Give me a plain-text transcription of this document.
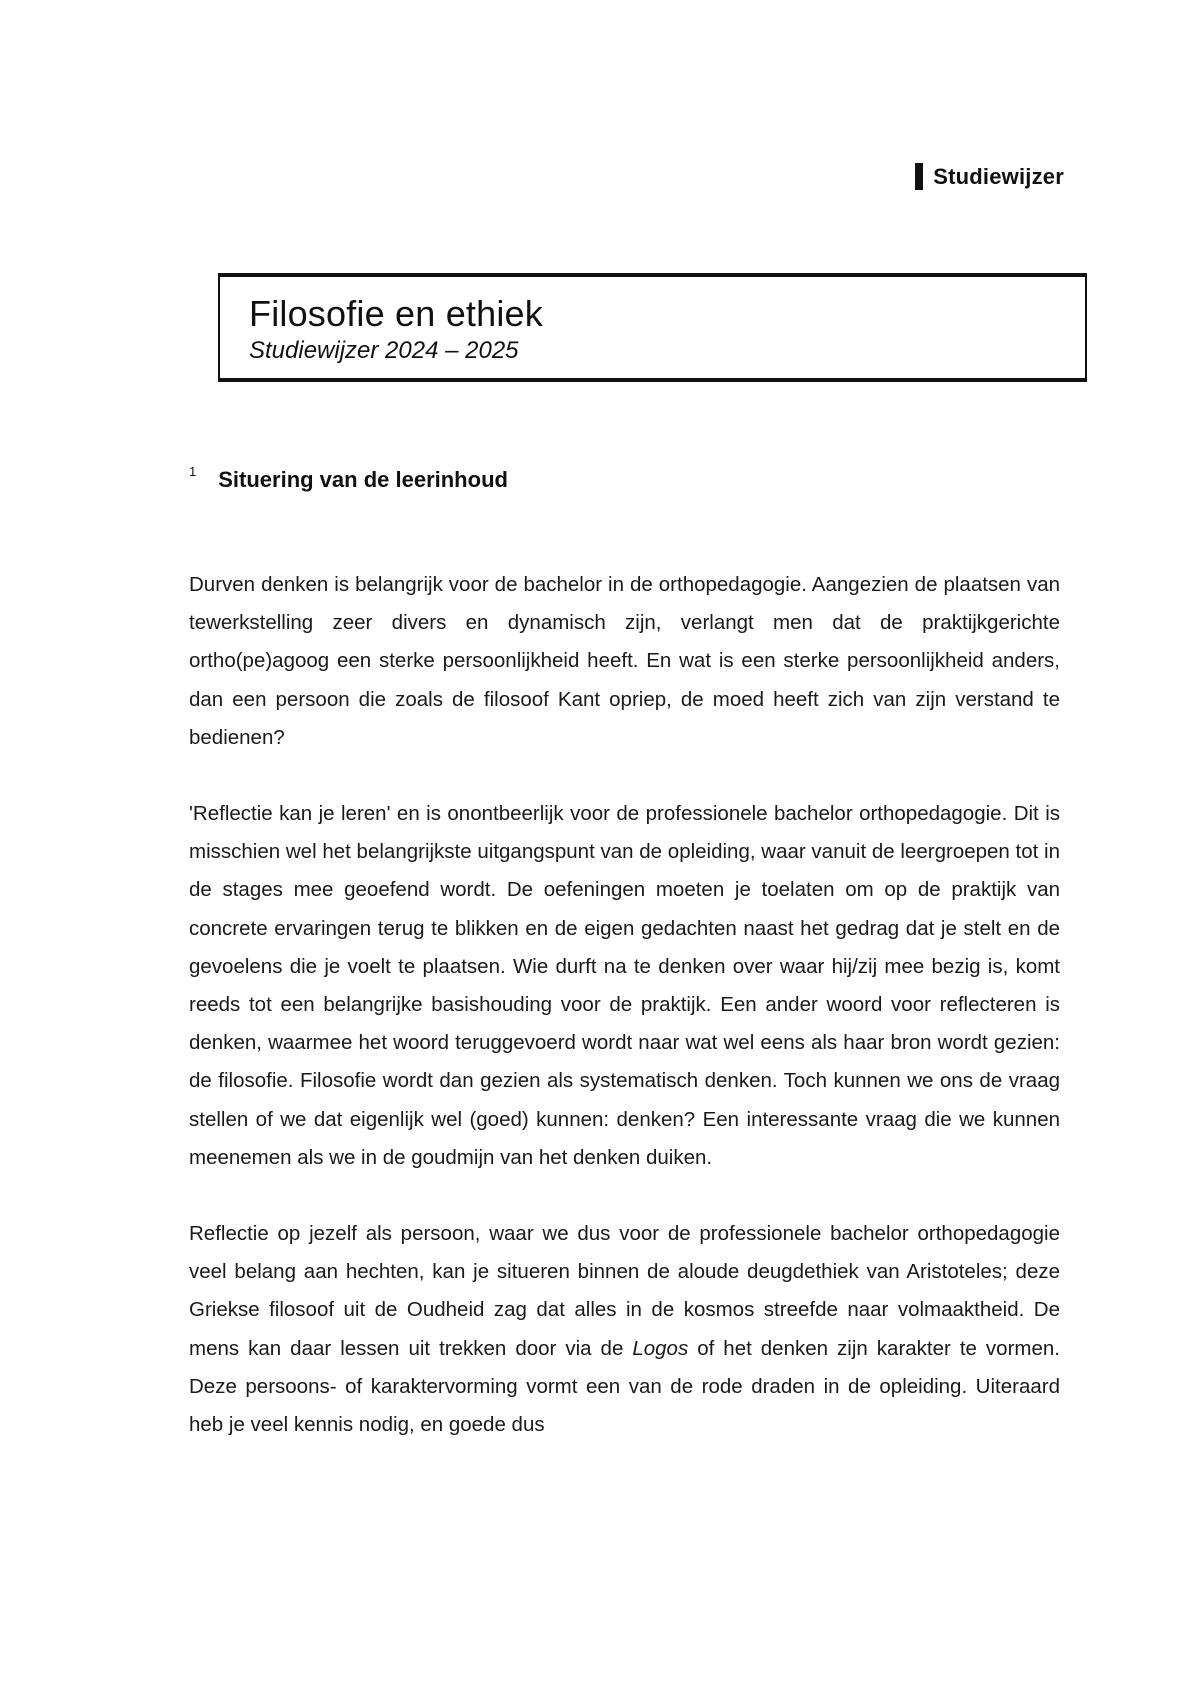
Studiewijzer
Filosofie en ethiek
Studiewijzer 2024 – 2025
1 Situering van de leerinhoud

Durven denken is belangrijk voor de bachelor in de orthopedagogie. Aangezien de plaatsen van tewerkstelling zeer divers en dynamisch zijn, verlangt men dat de praktijkgerichte ortho(pe)agoog een sterke persoonlijkheid heeft. En wat is een sterke persoonlijkheid anders, dan een persoon die zoals de filosoof Kant opriep, de moed heeft zich van zijn verstand te bedienen?

'Reflectie kan je leren' en is onontbeerlijk voor de professionele bachelor orthopedagogie. Dit is misschien wel het belangrijkste uitgangspunt van de opleiding, waar vanuit de leergroepen tot in de stages mee geoefend wordt. De oefeningen moeten je toelaten om op de praktijk van concrete ervaringen terug te blikken en de eigen gedachten naast het gedrag dat je stelt en de gevoelens die je voelt te plaatsen. Wie durft na te denken over waar hij/zij mee bezig is, komt reeds tot een belangrijke basishouding voor de praktijk. Een ander woord voor reflecteren is denken, waarmee het woord teruggevoerd wordt naar wat wel eens als haar bron wordt gezien: de filosofie. Filosofie wordt dan gezien als systematisch denken. Toch kunnen we ons de vraag stellen of we dat eigenlijk wel (goed) kunnen: denken? Een interessante vraag die we kunnen meenemen als we in de goudmijn van het denken duiken.

Reflectie op jezelf als persoon, waar we dus voor de professionele bachelor orthopedagogie veel belang aan hechten, kan je situeren binnen de aloude deugdethiek van Aristoteles; deze Griekse filosoof uit de Oudheid zag dat alles in de kosmos streefde naar volmaaktheid. De mens kan daar lessen uit trekken door via de Logos of het denken zijn karakter te vormen. Deze persoons- of karaktervorming vormt een van de rode draden in de opleiding. Uiteraard heb je veel kennis nodig, en goede dus
